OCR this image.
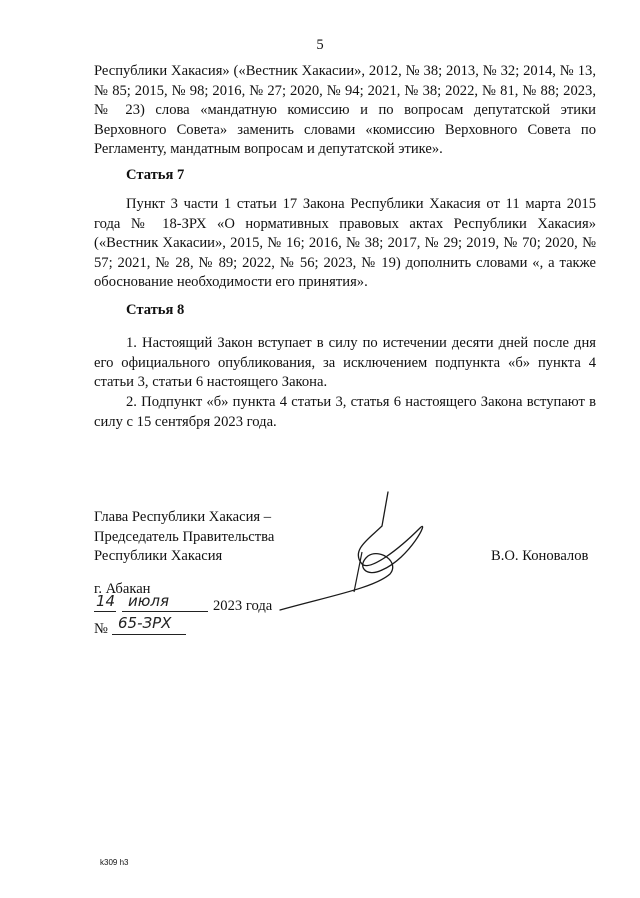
5
Республики Хакасия» («Вестник Хакасии», 2012, № 38; 2013, № 32; 2014, № 13, № 85; 2015, № 98; 2016, № 27; 2020, № 94; 2021, № 38; 2022, № 81, № 88; 2023, № 23) слова «мандатную комиссию и по вопросам депутатской этики Верховного Совета» заменить словами «комиссию Верховного Совета по Регламенту, мандатным вопросам и депутатской этике».
Статья 7
Пункт 3 части 1 статьи 17 Закона Республики Хакасия от 11 марта 2015 года № 18-ЗРХ «О нормативных правовых актах Республики Хакасия» («Вестник Хакасии», 2015, № 16; 2016, № 38; 2017, № 29; 2019, № 70; 2020, № 57; 2021, № 28, № 89; 2022, № 56; 2023, № 19) дополнить словами «, а также обоснование необходимости его принятия».
Статья 8
1. Настоящий Закон вступает в силу по истечении десяти дней после дня его официального опубликования, за исключением подпункта «б» пункта 4 статьи 3, статьи 6 настоящего Закона.
2. Подпункт «б» пункта 4 статьи 3, статья 6 настоящего Закона вступают в силу с 15 сентября 2023 года.
Глава Республики Хакасия –
Председатель Правительства
Республики Хакасия	В.О. Коновалов
г. Абакан
14 июля	2023 года
№ 65-ЗРХ
k309 h3
